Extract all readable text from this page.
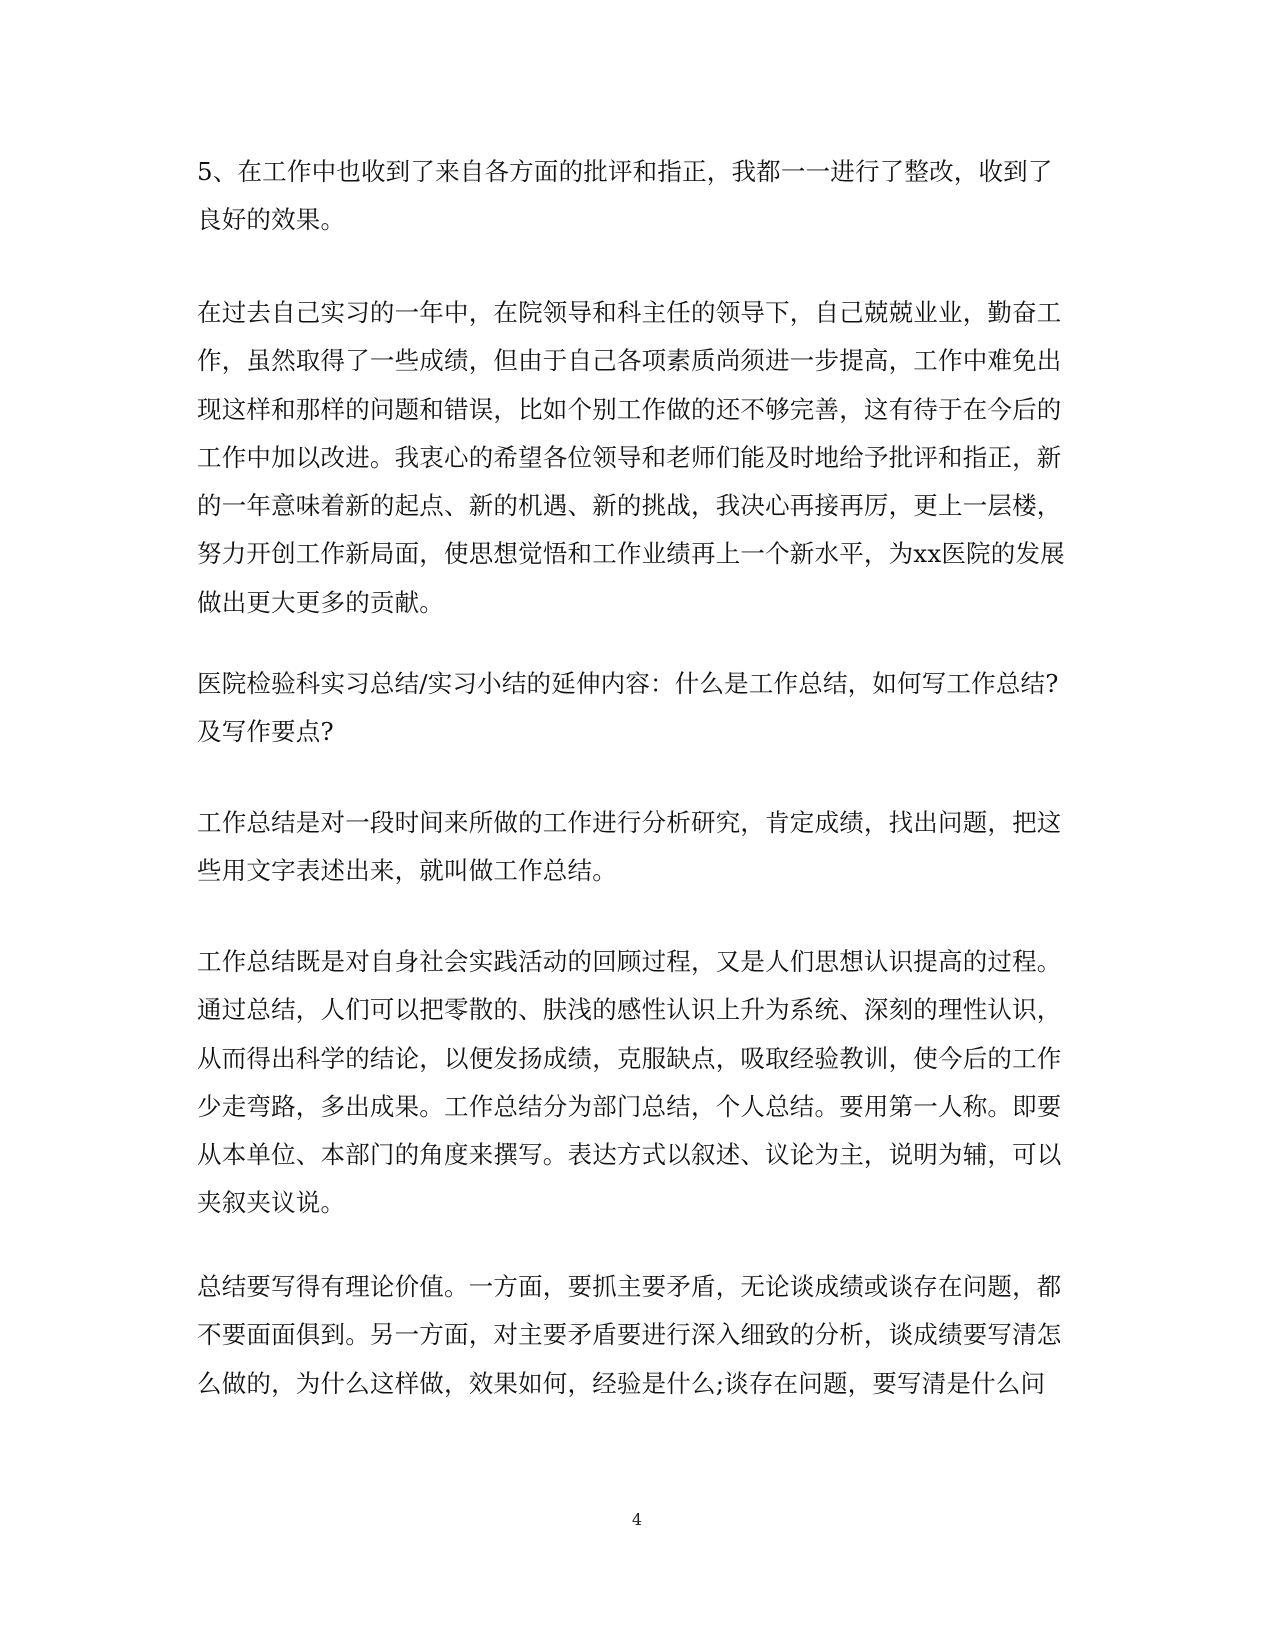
5、在工作中也收到了来自各方面的批评和指正，我都一一进行了整改，收到了
良好的效果。
在过去自己实习的一年中，在院领导和科主任的领导下，自己兢兢业业，勤奋工
作，虽然取得了一些成绩，但由于自己各项素质尚须进一步提高，工作中难免出
现这样和那样的问题和错误，比如个别工作做的还不够完善，这有待于在今后的
工作中加以改进。我衷心的希望各位领导和老师们能及时地给予批评和指正，新
的一年意味着新的起点、新的机遇、新的挑战，我决心再接再厉，更上一层楼，
努力开创工作新局面，使思想觉悟和工作业绩再上一个新水平，为xx医院的发展
做出更大更多的贡献。
医院检验科实习总结/实习小结的延伸内容：什么是工作总结，如何写工作总结?
及写作要点?
工作总结是对一段时间来所做的工作进行分析研究，肯定成绩，找出问题，把这
些用文字表述出来，就叫做工作总结。
工作总结既是对自身社会实践活动的回顾过程，又是人们思想认识提高的过程。
通过总结，人们可以把零散的、肤浅的感性认识上升为系统、深刻的理性认识，
从而得出科学的结论，以便发扬成绩，克服缺点，吸取经验教训，使今后的工作
少走弯路，多出成果。工作总结分为部门总结，个人总结。要用第一人称。即要
从本单位、本部门的角度来撰写。表达方式以叙述、议论为主，说明为辅，可以
夹叙夹议说。
总结要写得有理论价值。一方面，要抓主要矛盾，无论谈成绩或谈存在问题，都
不要面面俱到。另一方面，对主要矛盾要进行深入细致的分析，谈成绩要写清怎
么做的，为什么这样做，效果如何，经验是什么;谈存在问题，要写清是什么问
4
